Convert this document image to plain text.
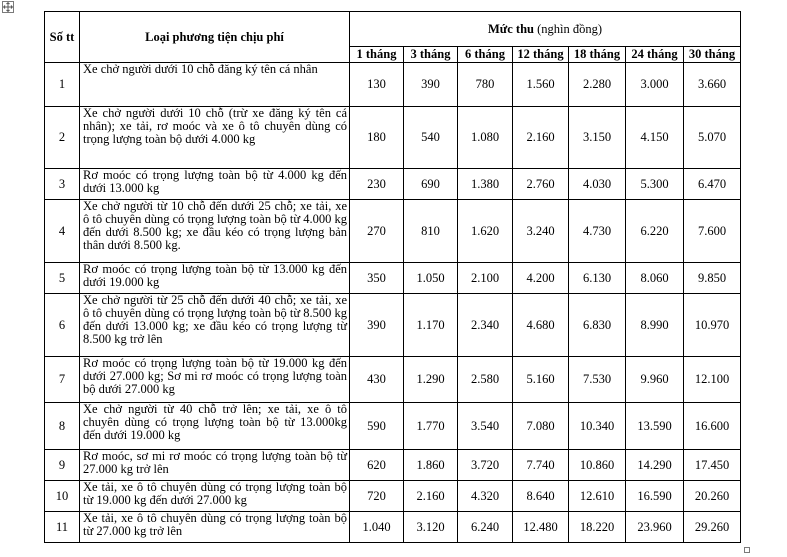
Số tt	Loại phương tiện chịu phí	Mức thu (nghìn đồng)						
		1 tháng	3 tháng	6 tháng	12 tháng	18 tháng	24 tháng	30 tháng
1	Xe chở người dưới 10 chỗ đăng ký tên cá nhân	130	390	780	1.560	2.280	3.000	3.660
2	Xe chở người dưới 10 chỗ (trừ xe đăng ký tên cá nhân); xe tải, rơ moóc và xe ô tô chuyên dùng có trọng lượng toàn bộ dưới 4.000 kg	180	540	1.080	2.160	3.150	4.150	5.070
3	Rơ moóc có trọng lượng toàn bộ từ 4.000 kg đến dưới 13.000 kg	230	690	1.380	2.760	4.030	5.300	6.470
4	Xe chở người từ 10 chỗ đến dưới 25 chỗ; xe tải, xe ô tô chuyên dùng có trọng lượng toàn bộ từ 4.000 kg đến dưới 8.500 kg; xe đầu kéo có trọng lượng bản thân dưới 8.500 kg.	270	810	1.620	3.240	4.730	6.220	7.600
5	Rơ moóc có trọng lượng toàn bộ từ 13.000 kg đến dưới 19.000 kg	350	1.050	2.100	4.200	6.130	8.060	9.850
6	Xe chở người từ 25 chỗ đến dưới 40 chỗ; xe tải, xe ô tô chuyên dùng có trọng lượng toàn bộ từ 8.500 kg đến dưới 13.000 kg; xe đầu kéo có trọng lượng từ 8.500 kg trở lên	390	1.170	2.340	4.680	6.830	8.990	10.970
7	Rơ moóc có trọng lượng toàn bộ từ 19.000 kg đến dưới 27.000 kg; Sơ mi rơ moóc có trọng lượng toàn bộ dưới 27.000 kg	430	1.290	2.580	5.160	7.530	9.960	12.100
8	Xe chở người từ 40 chỗ trở lên; xe tải, xe ô tô chuyên dùng có trọng lượng toàn bộ từ 13.000kg đến dưới 19.000 kg	590	1.770	3.540	7.080	10.340	13.590	16.600
9	Rơ moóc, sơ mi rơ moóc có trọng lượng toàn bộ từ 27.000 kg trở lên	620	1.860	3.720	7.740	10.860	14.290	17.450
10	Xe tải, xe ô tô chuyên dùng có trọng lượng toàn bộ từ 19.000 kg đến dưới 27.000 kg	720	2.160	4.320	8.640	12.610	16.590	20.260
11	Xe tải, xe ô tô chuyên dùng có trọng lượng toàn bộ từ 27.000 kg trở lên	1.040	3.120	6.240	12.480	18.220	23.960	29.260
